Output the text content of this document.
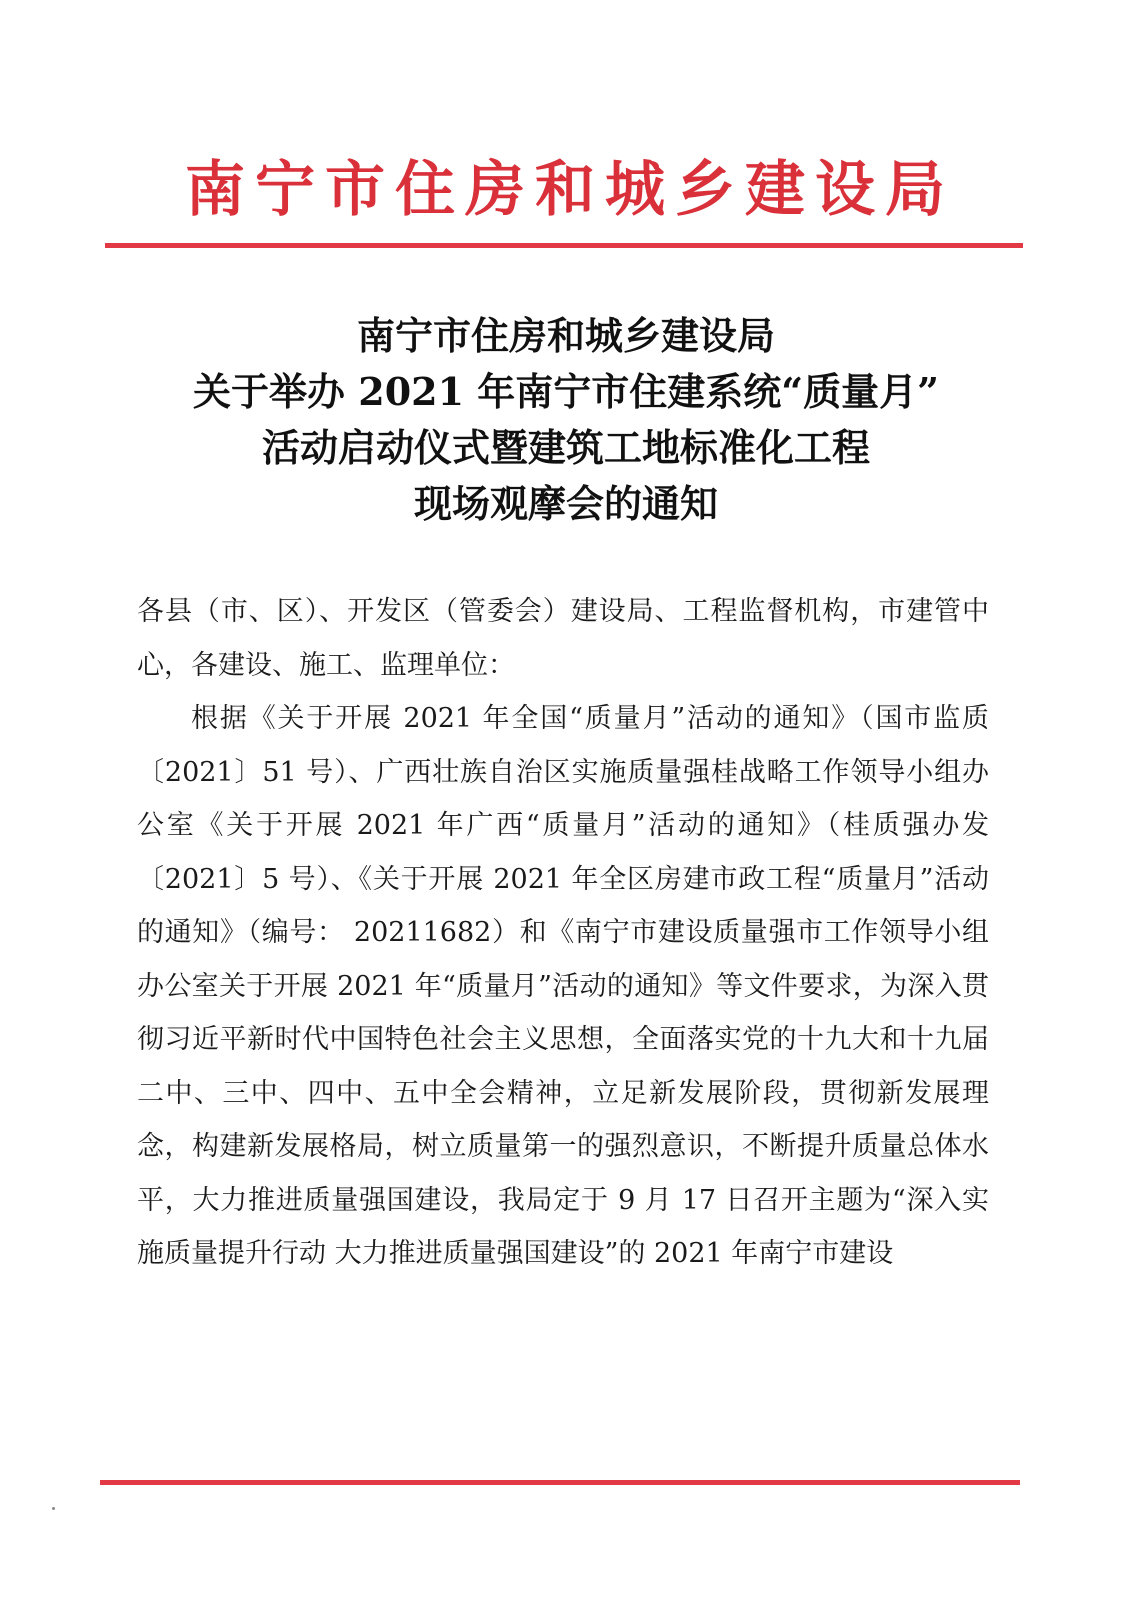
南宁市住房和城乡建设局
南宁市住房和城乡建设局
关于举办 2021 年南宁市住建系统“质量月”
活动启动仪式暨建筑工地标准化工程
现场观摩会的通知

各县（市、区）、开发区（管委会）建设局、工程监督机构，市建管中心，各建设、施工、监理单位：

根据《关于开展 2021 年全国“质量月”活动的通知》（国市监质〔2021〕51 号）、广西壮族自治区实施质量强桂战略工作领导小组办公室《关于开展 2021 年广西“质量月”活动的通知》（桂质强办发〔2021〕5 号）、《关于开展 2021 年全区房建市政工程“质量月”活动的通知》（编号： 20211682）和《南宁市建设质量强市工作领导小组办公室关于开展 2021 年“质量月”活动的通知》等文件要求，为深入贯彻习近平新时代中国特色社会主义思想，全面落实党的十九大和十九届二中、三中、四中、五中全会精神，立足新发展阶段，贯彻新发展理念，构建新发展格局，树立质量第一的强烈意识，不断提升质量总体水平，大力推进质量强国建设，我局定于 9 月 17 日召开主题为“深入实施质量提升行动 大力推进质量强国建设”的 2021 年南宁市建设
